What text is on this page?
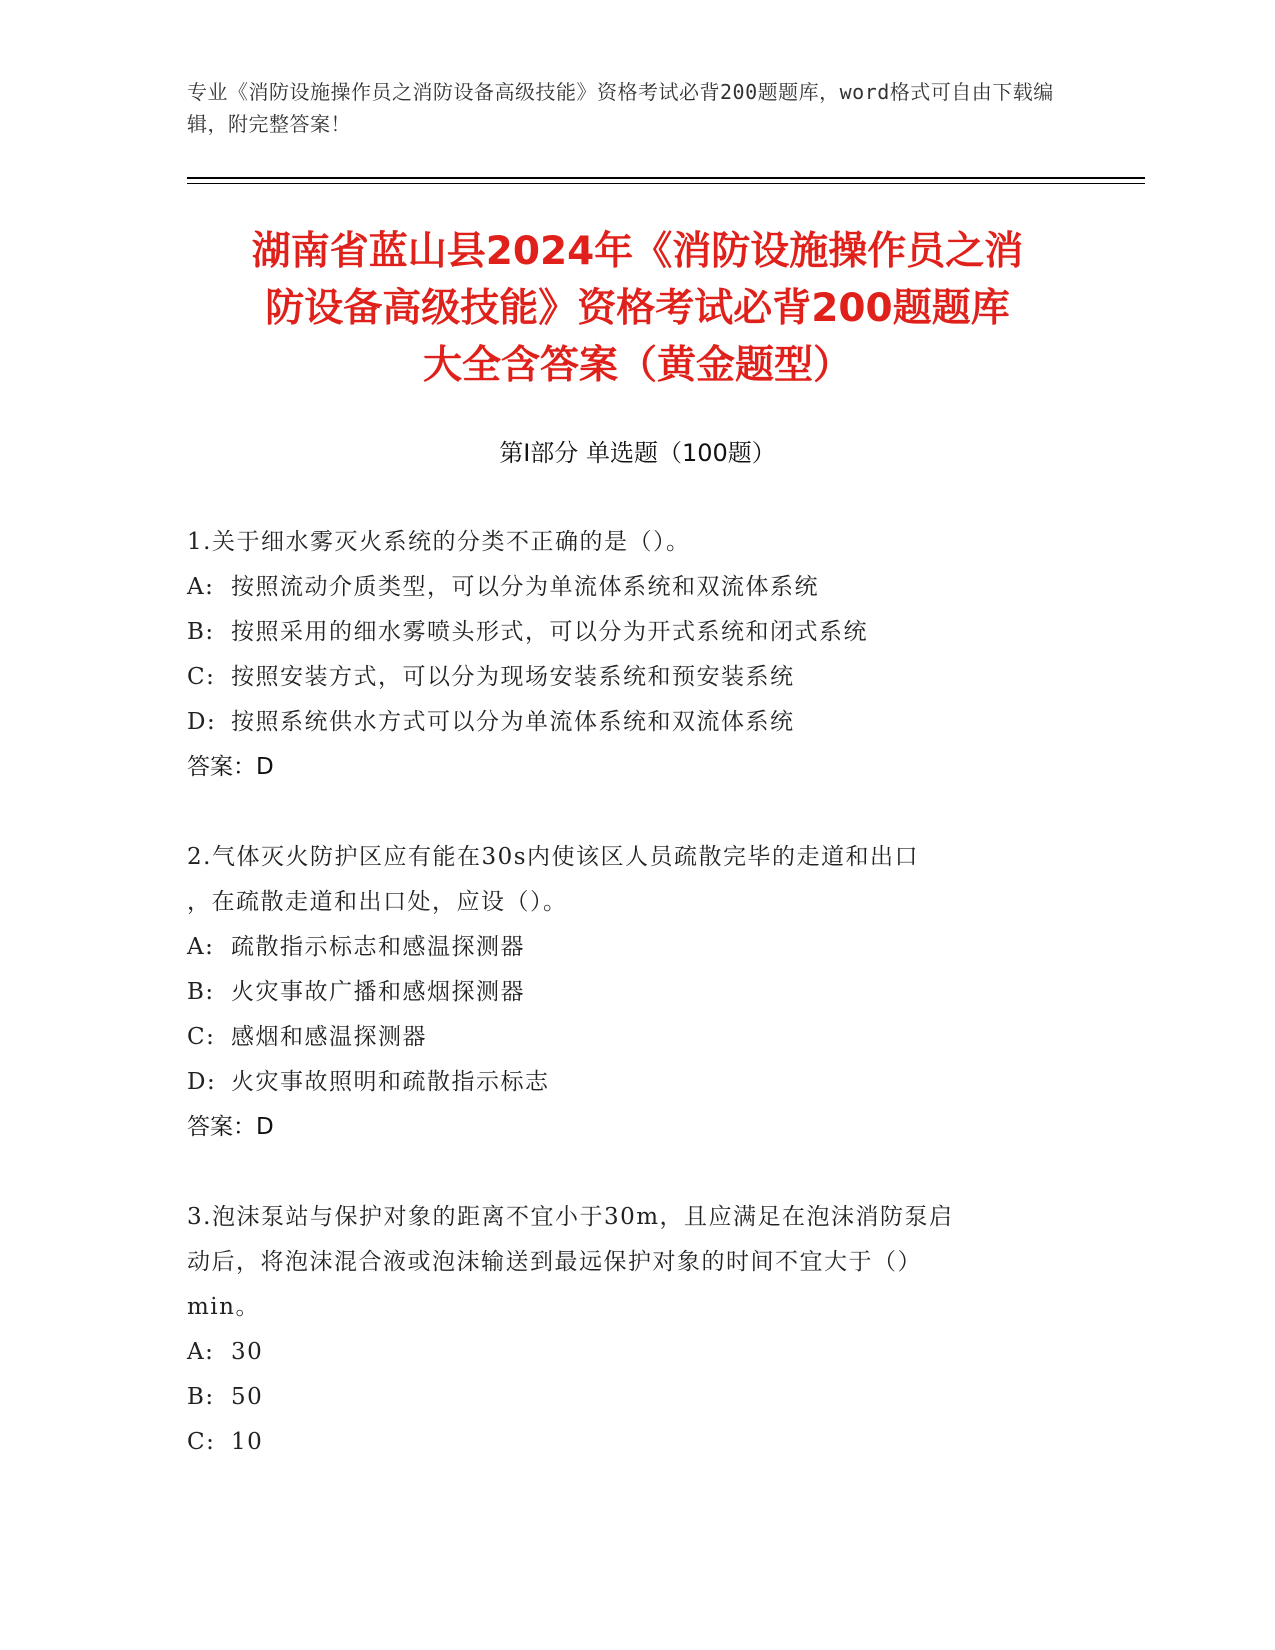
专业《消防设施操作员之消防设备高级技能》资格考试必背200题题库，word格式可自由下载编辑，附完整答案！
湖南省蓝山县2024年《消防设施操作员之消
防设备高级技能》资格考试必背200题题库
大全含答案（黄金题型）
第I部分 单选题（100题）
1.关于细水雾灭火系统的分类不正确的是（）。
A: 按照流动介质类型，可以分为单流体系统和双流体系统
B: 按照采用的细水雾喷头形式，可以分为开式系统和闭式系统
C: 按照安装方式，可以分为现场安装系统和预安装系统
D: 按照系统供水方式可以分为单流体系统和双流体系统
答案：D
2.气体灭火防护区应有能在30s内使该区人员疏散完毕的走道和出口
，在疏散走道和出口处，应设（）。
A: 疏散指示标志和感温探测器
B: 火灾事故广播和感烟探测器
C: 感烟和感温探测器
D: 火灾事故照明和疏散指示标志
答案：D
3.泡沫泵站与保护对象的距离不宜小于30m，且应满足在泡沫消防泵启
动后，将泡沫混合液或泡沫输送到最远保护对象的时间不宜大于（）
min。
A: 30
B: 50
C: 10
